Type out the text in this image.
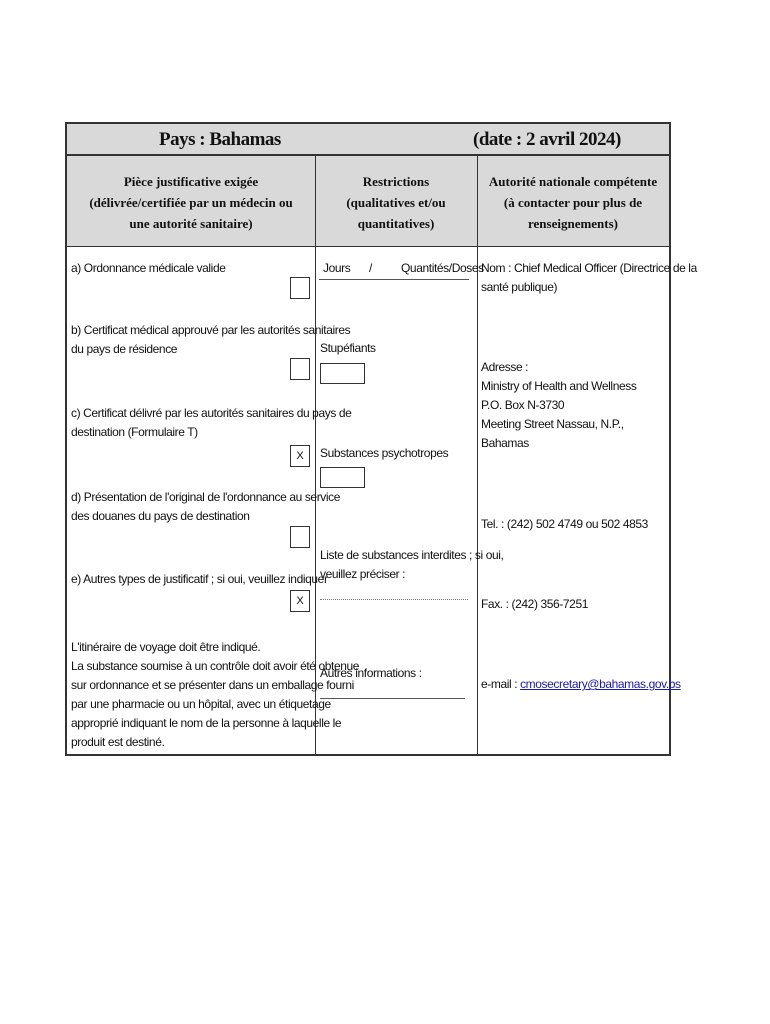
Pays : Bahamas	(date : 2 avril 2024)
Pièce justificative exigée
(délivrée/certifiée par un médecin ou
une autorité sanitaire)
Restrictions
(qualitatives et/ou quantitatives)
Autorité nationale compétente
(à contacter pour plus de renseignements)
a) Ordonnance médicale valide
b) Certificat médical approuvé par les autorités sanitaires
du pays de résidence
c) Certificat délivré par les autorités sanitaires du pays de
destination (Formulaire T)
X
d) Présentation de l'original de l'ordonnance au service
des douanes du pays de destination
e) Autres types de justificatif ; si oui, veuillez indiquer
X
L'itinéraire de voyage doit être indiqué.
La substance soumise à un contrôle doit avoir été obtenue
sur ordonnance et se présenter dans un emballage fourni
par une pharmacie ou un hôpital, avec un étiquetage
approprié indiquant le nom de la personne à laquelle le
produit est destiné.
Jours / Quantités/Doses
Stupéfiants
Substances psychotropes
Liste de substances interdites ; si oui,
veuillez préciser :
Autres informations :
Nom : Chief Medical Officer (Directrice de la
santé publique)
Adresse :
Ministry of Health and Wellness
P.O. Box N-3730
Meeting Street Nassau, N.P.,
Bahamas
Tel. : (242) 502 4749 ou 502 4853
Fax. : (242) 356-7251
e-mail : cmosecretary@bahamas.gov.bs
